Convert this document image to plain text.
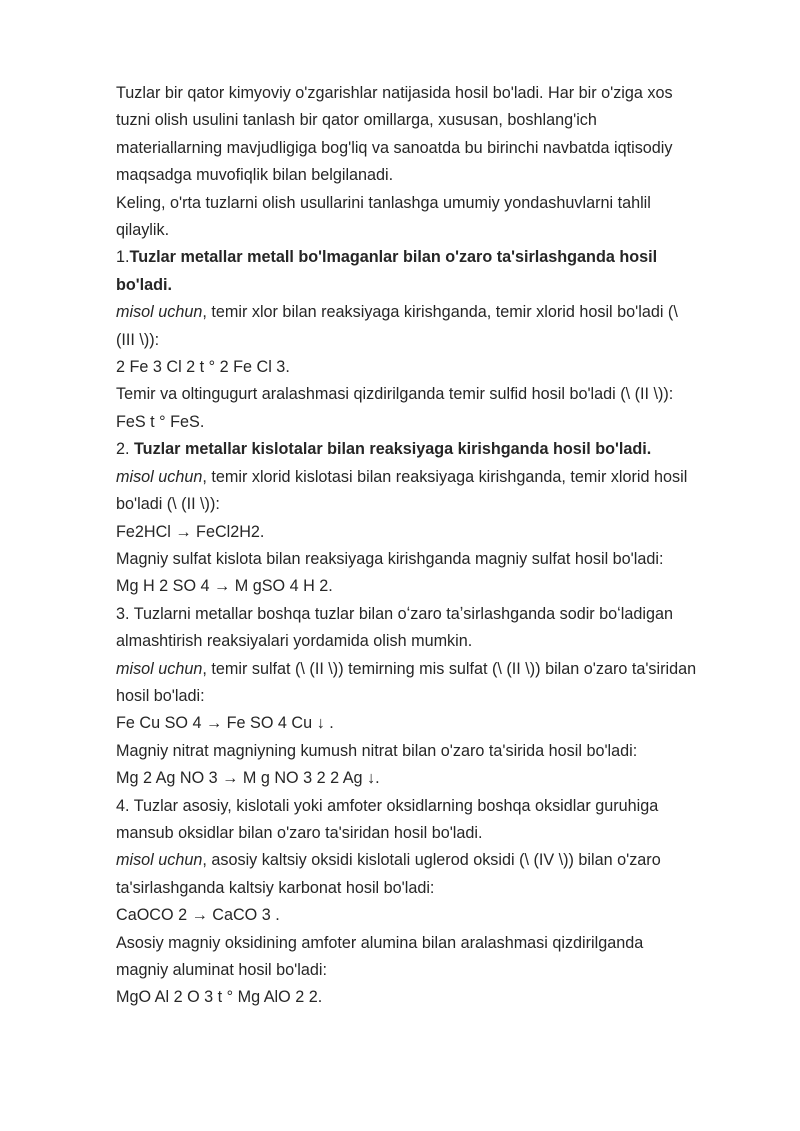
Tuzlar bir qator kimyoviy o'zgarishlar natijasida hosil bo'ladi. Har bir o'ziga xos
tuzni olish usulini tanlash bir qator omillarga, xususan, boshlang'ich
materiallarning mavjudligiga bog'liq va sanoatda bu birinchi navbatda iqtisodiy
maqsadga muvofiqlik bilan belgilanadi.
Keling, o'rta tuzlarni olish usullarini tanlashga umumiy yondashuvlarni tahlil
qilaylik.
1.Tuzlar metallar metall bo'lmaganlar bilan o'zaro ta'sirlashganda hosil
bo'ladi.
misol uchun, temir xlor bilan reaksiyaga kirishganda, temir xlorid hosil bo'ladi (\
(III \)):
2 Fe 3 Cl 2 t ° 2 Fe Cl 3.
Temir va oltingugurt aralashmasi qizdirilganda temir sulfid hosil bo'ladi (\ (II \)):
FeS t ° FeS.
2. Tuzlar metallar kislotalar bilan reaksiyaga kirishganda hosil bo'ladi.
misol uchun, temir xlorid kislotasi bilan reaksiyaga kirishganda, temir xlorid hosil
bo'ladi (\ (II \)):
Fe2HCl → FeCl2H2.
Magniy sulfat kislota bilan reaksiyaga kirishganda magniy sulfat hosil bo'ladi:
Mg H 2 SO 4 → M gSO 4 H 2.
3. Tuzlarni metallar boshqa tuzlar bilan oʻzaro taʼsirlashganda sodir boʻladigan
almashtirish reaksiyalari yordamida olish mumkin.
misol uchun, temir sulfat (\ (II \)) temirning mis sulfat (\ (II \)) bilan o'zaro ta'siridan
hosil bo'ladi:
Fe Cu SO 4 → Fe SO 4 Cu ↓ .
Magniy nitrat magniyning kumush nitrat bilan o'zaro ta'sirida hosil bo'ladi:
Mg 2 Ag NO 3 → M g NO 3 2 2 Ag ↓.
4. Tuzlar asosiy, kislotali yoki amfoter oksidlarning boshqa oksidlar guruhiga
mansub oksidlar bilan o'zaro ta'siridan hosil bo'ladi.
misol uchun, asosiy kaltsiy oksidi kislotali uglerod oksidi (\ (IV \)) bilan o'zaro
ta'sirlashganda kaltsiy karbonat hosil bo'ladi:
CaOCO 2 → CaCO 3 .
Asosiy magniy oksidining amfoter alumina bilan aralashmasi qizdirilganda
magniy aluminat hosil bo'ladi:
MgO Al 2 O 3 t ° Mg AlO 2 2.
